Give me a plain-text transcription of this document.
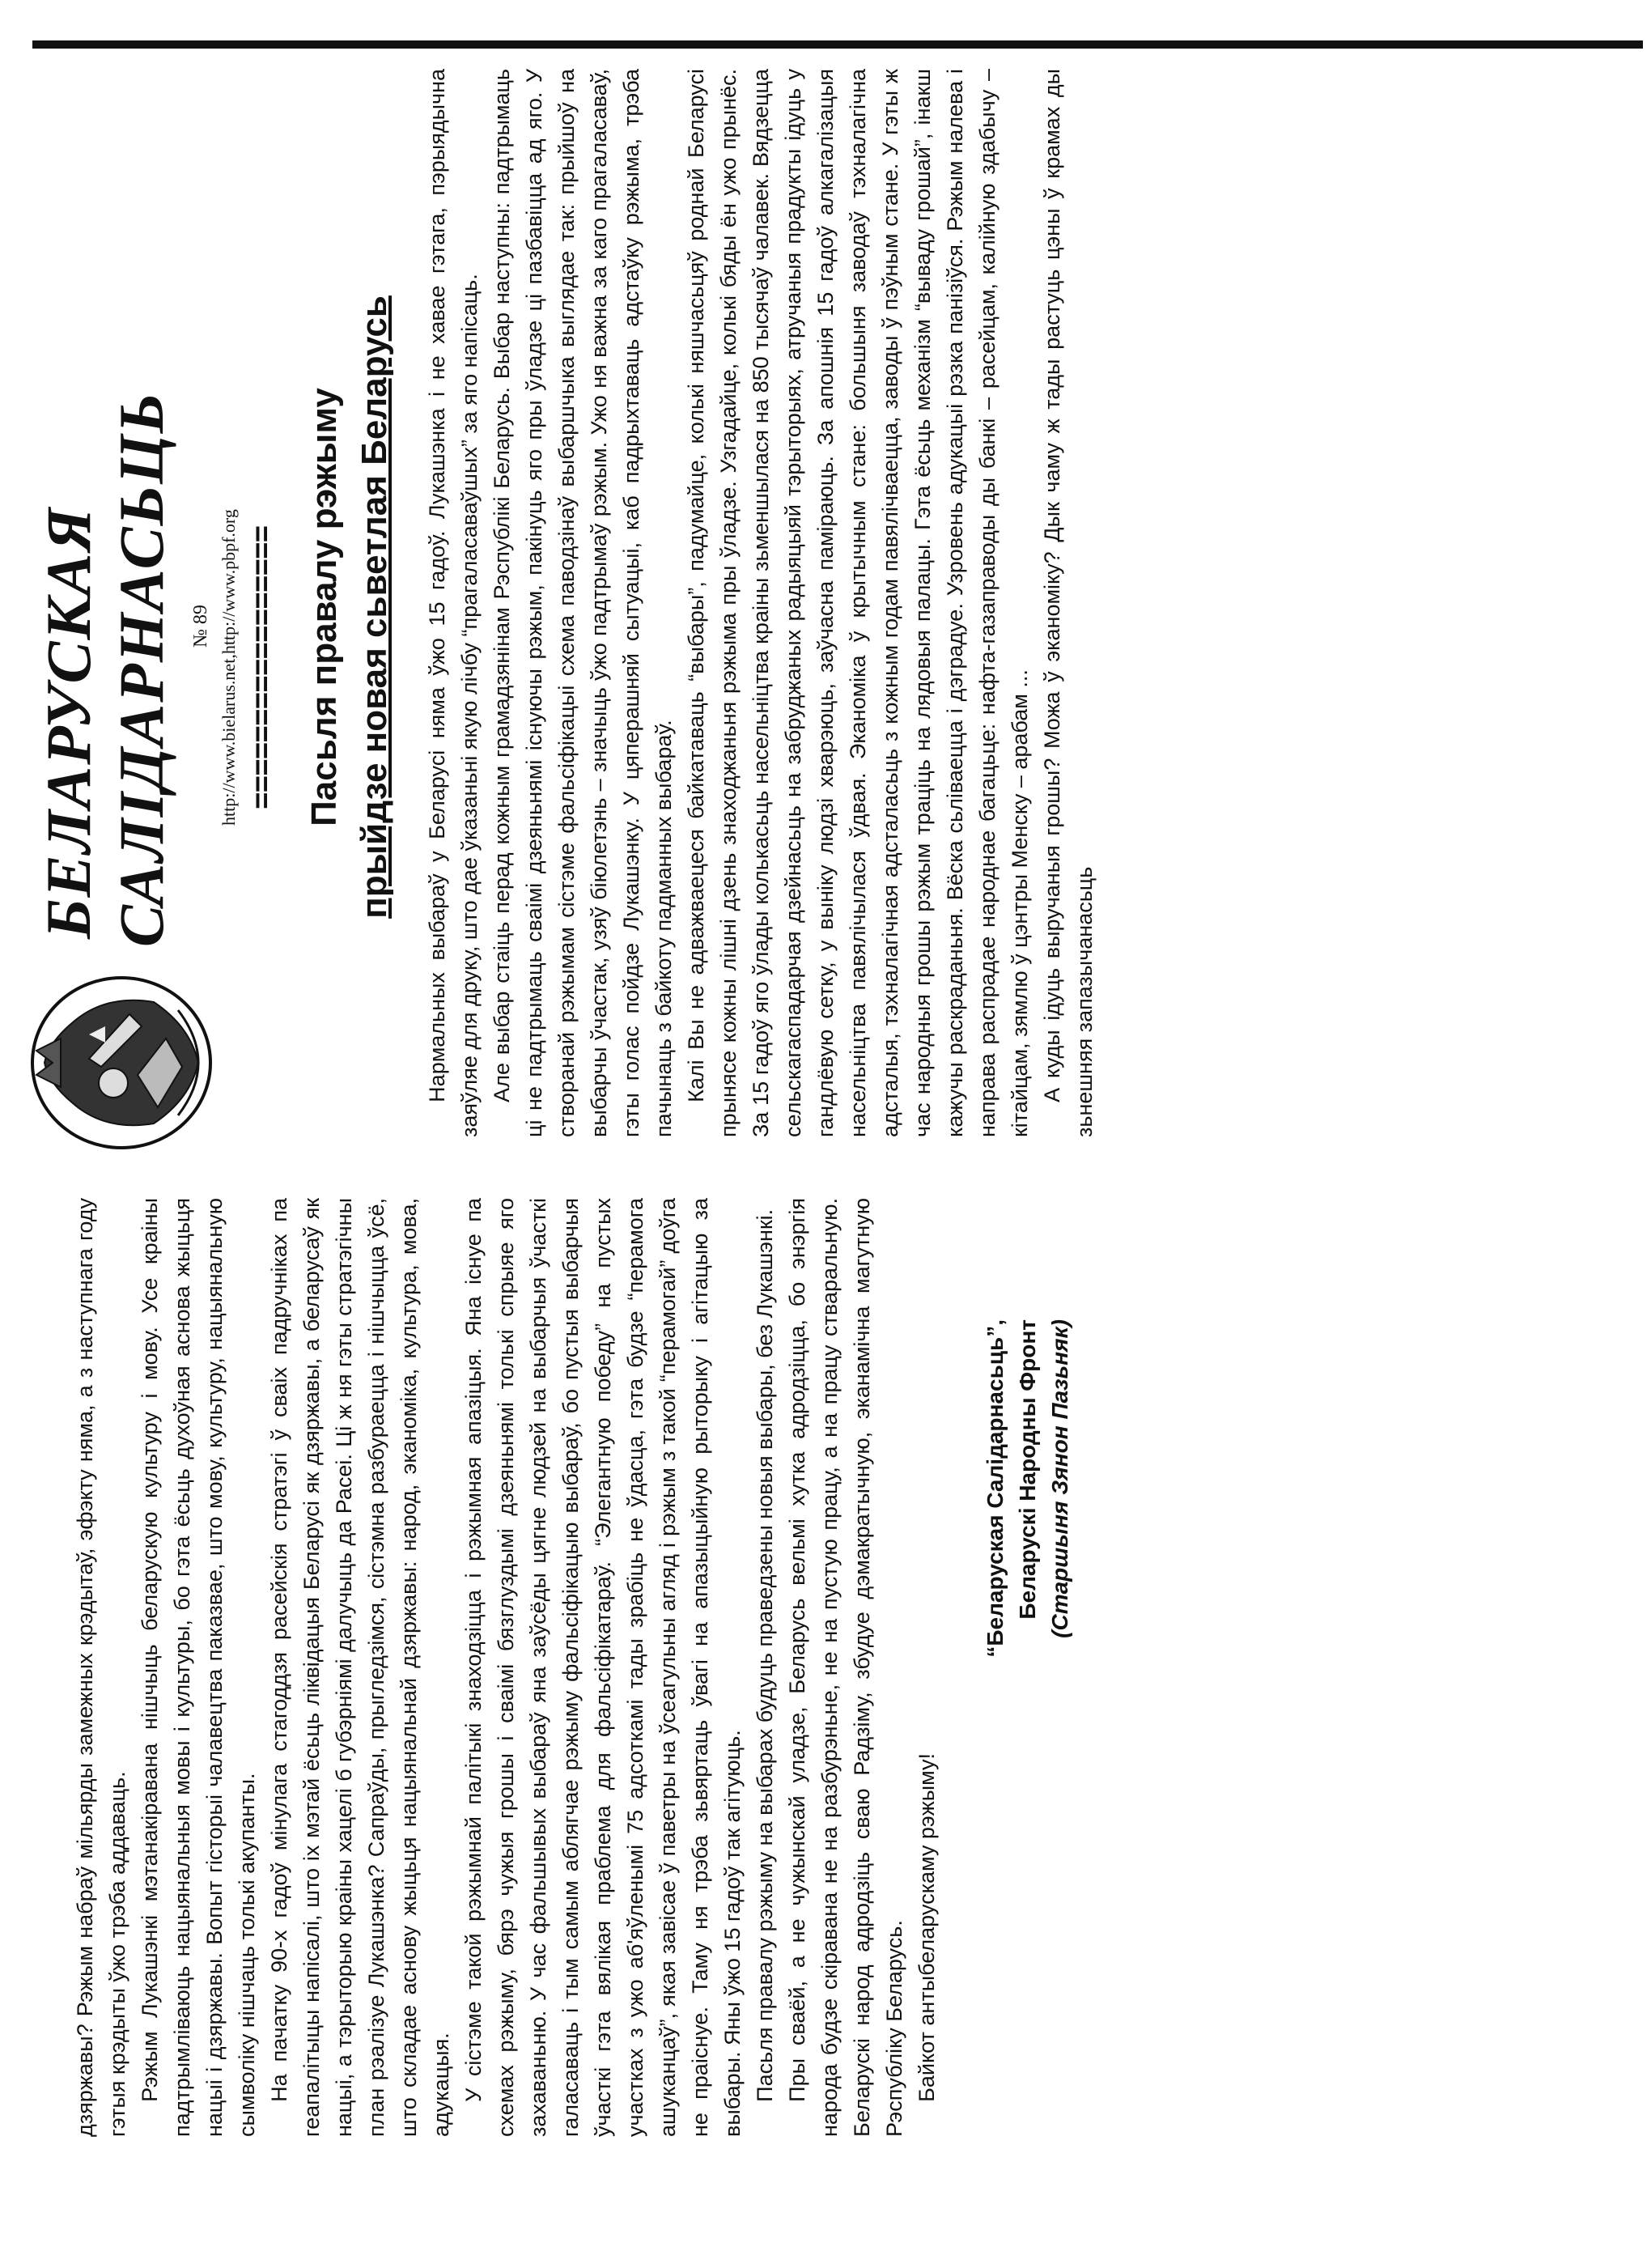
БЕЛАРУСКАЯ САЛІДАРНАСЬЦЬ № 89 http://www.bielarus.net,http://www.pbpf.org ================= Пасьля правалу рэжыму прыйдзе новая сьветлая Беларусь Нармальных выбараў у Беларусі няма ўжо 15 гадоў. Лукашэнка і не хавае гэтага, пэрыядычна заяўляе для друку, што дае ўказаньні якую лічбу “прагаласаваўшых” за яго напісаць. Але выбар стаіць перад кожным грамадзянінам Рэспублікі Беларусь. Выбар наступны: падтрымаць ці не падтрымаць сваімі дзеяньнямі існуючы рэжым, пакінуць яго пры ўладзе ці пазбавіцца ад яго. У створанай рэжымам сістэме фальсіфікацыі схема паводзінаў выбаршчыка выглядае так: прыйшоў на выбарчы ўчастак, узяў біюлетэнь – значыць ўжо падтрымаў рэжым. Ужо ня важна за каго прагаласаваў, гэты голас пойдзе Лукашэнку. У цяперашняй сытуацыі, каб падрыхтаваць адстаўку рэжыма, трэба пачынаць з байкоту падманных выбараў. Калі Вы не адважваецеся байкатаваць “выбары”, падумайце, колькі няшчасьцяў роднай Беларусі прынясе кожны лішні дзень знаходжаньня рэжыма пры ўладзе. Узгадайце, колькі бяды ён ужо прынёс. За 15 гадоў яго ўлады колькасьць насельніцтва краіны зьменшылася на 850 тысячаў чалавек. Вядзецца сельскагаспадарчая дзейнасьць на забруджаных радыяцыяй тэрыторыях, атручаныя прадукты ідуць у гандлёвую сетку, у выніку людзі хварэюць, заўчасна паміраюць. За апошнія 15 гадоў алкагалізацыя насельніцтва павялічылася ўдвая. Эканоміка ў крытычным стане: большыня заводаў тэхналагічна адсталыя, тэхналагічная адсталасьць з кожным годам павялічваецца, заводы ў пэўным стане. У гэты ж час народныя грошы рэжым траціць на лядовыя палацы. Гэта ёсьць механізм “вываду грошай”, інакш кажучы раскраданьня. Вёска сьліваецца і дэградуе. Узровень адукацыі рэзка панізіўся. Рэжым налева і направа распрадае народнае багацьце: нафта-газаправоды ды банкі – расейцам, калійную здабычу – кітайцам, зямлю ў цэнтры Менску – арабам ... А куды ідуць выручаныя грошы? Можа ў эканоміку? Дык чаму ж тады растуць цэны ў крамах ды зьнешняя запазычанасьць

дзяржавы? Рэжым набраў мільярды замежных крэдытаў, эфэкту няма, а з наступнага году гэтыя крэдыты ўжо трэба аддаваць. Рэжым Лукашэнкі мэтанакіравана нішчыць беларускую культуру і мову. Усе краіны падтрымліваюць нацыянальныя мовы і культуры, бо гэта ёсьць духоўная аснова жыцьця нацыі і дзяржавы. Вопыт гісторыі чалавецтва паказвае, што мову, культуру, нацыянальную сымволіку нішчаць толькі акупанты. На пачатку 90-х гадоў мінулага стагоддзя расейскія стратэгі ў сваіх падручніках па геапалітыцы напісалі, што іх мэтай ёсьць ліквідацыя Беларусі як дзяржавы, а беларусаў як нацыі, а тэрыторыю краіны хацелі б губэрніямі далучыць да Расеі. Ці ж ня гэты стратэгічны план рэалізуе Лукашэнка? Сапраўды, прыгледзімся, сістэмна разбураецца і нішчыцца ўсё, што складае аснову жыцьця нацыянальнай дзяржавы: народ, эканоміка, культура, мова, адукацыя. У сістэме такой рэжымнай палітыкі знаходзіцца і рэжымная апазіцыя. Яна існуе па схемах рэжыму, бярэ чужыя грошы і сваімі бязглуздымі дзеяньнямі толькі спрыяе яго захаваньню. У час фальшывых выбараў яна заўсёды цягне людзей на выбарчыя ўчасткі галасаваць і тым самым аблягчае рэжыму фальсіфікацыю выбараў, бо пустыя выбарчыя ўчасткі гэта вялікая праблема для фальсіфікатараў. “Элегантную победу” на пустых участках з ужо аб'яўленымі 75 адсоткамі тады зрабіць не ўдасца, гэта будзе “перамога ашуканцаў”, якая завісае ў паветры на ўсеагульны агляд і рэжым з такой “перамогай” доўга не праіснуе. Таму ня трэба зьвяртаць ўвагі на апазыцыйную рыторыку і агітацыю за выбары. Яны ўжо 15 гадоў так агітуюць. Пасьля правалу рэжыму на выбарах будуць праведзены новыя выбары, без Лукашэнкі. Пры сваёй, а не чужынскай уладзе, Беларусь вельмі хутка адродзіцца, бо энэргія народа будзе скіравана не на разбурэньне, не на пустую працу, а на працу стваральную. Беларускі народ адродзіць сваю Радзіму, збудуе дэмакратычную, эканамічна магутную Рэспубліку Беларусь. Байкот антыбеларускаму рэжыму!

“Беларуская Салідарнасьць”, Беларускі Народны Фронт (Старшыня Зянон Пазьняк)
